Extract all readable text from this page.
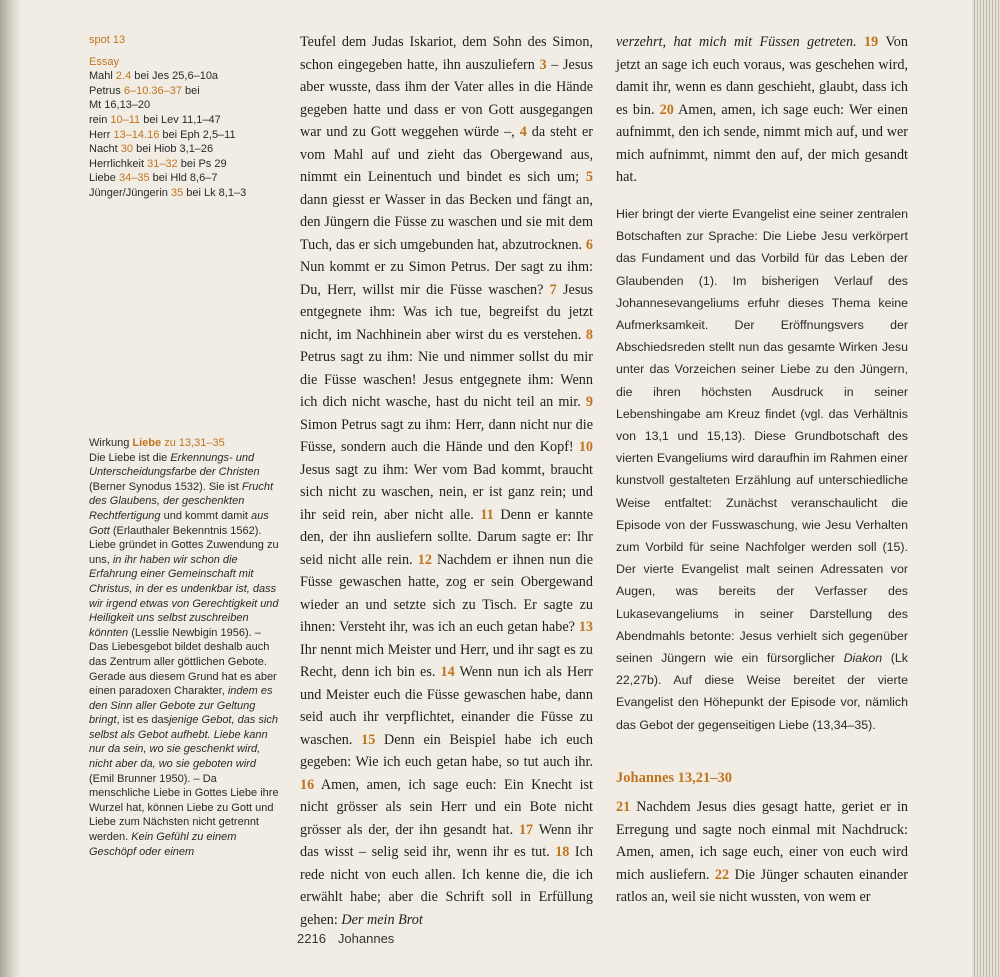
spot 13

Essay

Mahl 2.4 bei Jes 25,6–10a

Petrus 6–10.36–37 bei

Mt 16,13–20

rein 10–11 bei Lev 11,1–47

Herr 13–14.16 bei Eph 2,5–11

Nacht 30 bei Hiob 3,1–26

Herrlichkeit 31–32 bei Ps 29

Liebe 34–35 bei Hld 8,6–7

Jünger/Jüngerin 35 bei Lk 8,1–3

Wirkung Liebe zu 13,31–35

Die Liebe ist die Erkennungs- und Unterscheidungsfarbe der Christen (Berner Synodus 1532). Sie ist Frucht des Glaubens, der geschenkten Rechtfertigung und kommt damit aus Gott (Erlauthaler Bekenntnis 1562). Liebe gründet in Gottes Zuwendung zu uns, in ihr haben wir schon die Erfahrung einer Gemeinschaft mit Christus, in der es undenkbar ist, dass wir irgend etwas von Gerechtigkeit und Heiligkeit uns selbst zuschreiben könnten (Lesslie Newbigin 1956). – Das Liebesgebot bildet deshalb auch das Zentrum aller göttlichen Gebote. Gerade aus diesem Grund hat es aber einen paradoxen Charakter, indem es den Sinn aller Gebote zur Geltung bringt, ist es dasjenige Gebot, das sich selbst als Gebot aufhebt. Liebe kann nur da sein, wo sie geschenkt wird, nicht aber da, wo sie geboten wird (Emil Brunner 1950). – Da menschliche Liebe in Gottes Liebe ihre Wurzel hat, können Liebe zu Gott und Liebe zum Nächsten nicht getrennt werden. Kein Gefühl zu einem Geschöpf oder einem

Teufel dem Judas Iskariot, dem Sohn des Simon, schon eingegeben hatte, ihn auszuliefern 3 – Jesus aber wusste, dass ihm der Vater alles in die Hände gegeben hatte und dass er von Gott ausgegangen war und zu Gott weggehen würde –, 4 da steht er vom Mahl auf und zieht das Obergewand aus, nimmt ein Leinentuch und bindet es sich um; 5 dann giesst er Wasser in das Becken und fängt an, den Jüngern die Füsse zu waschen und sie mit dem Tuch, das er sich umgebunden hat, abzutrocknen. 6 Nun kommt er zu Simon Petrus. Der sagt zu ihm: Du, Herr, willst mir die Füsse waschen? 7 Jesus entgegnete ihm: Was ich tue, begreifst du jetzt nicht, im Nachhinein aber wirst du es verstehen. 8 Petrus sagt zu ihm: Nie und nimmer sollst du mir die Füsse waschen! Jesus entgegnete ihm: Wenn ich dich nicht wasche, hast du nicht teil an mir. 9 Simon Petrus sagt zu ihm: Herr, dann nicht nur die Füsse, sondern auch die Hände und den Kopf! 10 Jesus sagt zu ihm: Wer vom Bad kommt, braucht sich nicht zu waschen, nein, er ist ganz rein; und ihr seid rein, aber nicht alle. 11 Denn er kannte den, der ihn ausliefern sollte. Darum sagte er: Ihr seid nicht alle rein. 12 Nachdem er ihnen nun die Füsse gewaschen hatte, zog er sein Obergewand wieder an und setzte sich zu Tisch. Er sagte zu ihnen: Versteht ihr, was ich an euch getan habe? 13 Ihr nennt mich Meister und Herr, und ihr sagt es zu Recht, denn ich bin es. 14 Wenn nun ich als Herr und Meister euch die Füsse gewaschen habe, dann seid auch ihr verpflichtet, einander die Füsse zu waschen. 15 Denn ein Beispiel habe ich euch gegeben: Wie ich euch getan habe, so tut auch ihr. 16 Amen, amen, ich sage euch: Ein Knecht ist nicht grösser als sein Herr und ein Bote nicht grösser als der, der ihn gesandt hat. 17 Wenn ihr das wisst – selig seid ihr, wenn ihr es tut. 18 Ich rede nicht von euch allen. Ich kenne die, die ich erwählt habe; aber die Schrift soll in Erfüllung gehen: Der mein Brot
verzehrt, hat mich mit Füssen getreten. 19 Von jetzt an sage ich euch voraus, was geschehen wird, damit ihr, wenn es dann geschieht, glaubt, dass ich es bin. 20 Amen, amen, ich sage euch: Wer einen aufnimmt, den ich sende, nimmt mich auf, und wer mich aufnimmt, nimmt den auf, der mich gesandt hat.
Hier bringt der vierte Evangelist eine seiner zentralen Botschaften zur Sprache: Die Liebe Jesu verkörpert das Fundament und das Vorbild für das Leben der Glaubenden (1). Im bisherigen Verlauf des Johannesevangeliums erfuhr dieses Thema keine Aufmerksamkeit. Der Eröffnungsvers der Abschiedsreden stellt nun das gesamte Wirken Jesu unter das Vorzeichen seiner Liebe zu den Jüngern, die ihren höchsten Ausdruck in seiner Lebenshingabe am Kreuz findet (vgl. das Verhältnis von 13,1 und 15,13). Diese Grundbotschaft des vierten Evangeliums wird daraufhin im Rahmen einer kunstvoll gestalteten Erzählung auf unterschiedliche Weise entfaltet: Zunächst veranschaulicht die Episode von der Fusswaschung, wie Jesu Verhalten zum Vorbild für seine Nachfolger werden soll (15). Der vierte Evangelist malt seinen Adressaten vor Augen, was bereits der Verfasser des Lukasevangeliums in seiner Darstellung des Abendmahls betonte: Jesus verhielt sich gegenüber seinen Jüngern wie ein fürsorglicher Diakon (Lk 22,27b). Auf diese Weise bereitet der vierte Evangelist den Höhepunkt der Episode vor, nämlich das Gebot der gegenseitigen Liebe (13,34–35).
Johannes 13,21–30
21 Nachdem Jesus dies gesagt hatte, geriet er in Erregung und sagte noch einmal mit Nachdruck: Amen, amen, ich sage euch, einer von euch wird mich ausliefern. 22 Die Jünger schauten einander ratlos an, weil sie nicht wussten, von wem er
2216 Johannes
